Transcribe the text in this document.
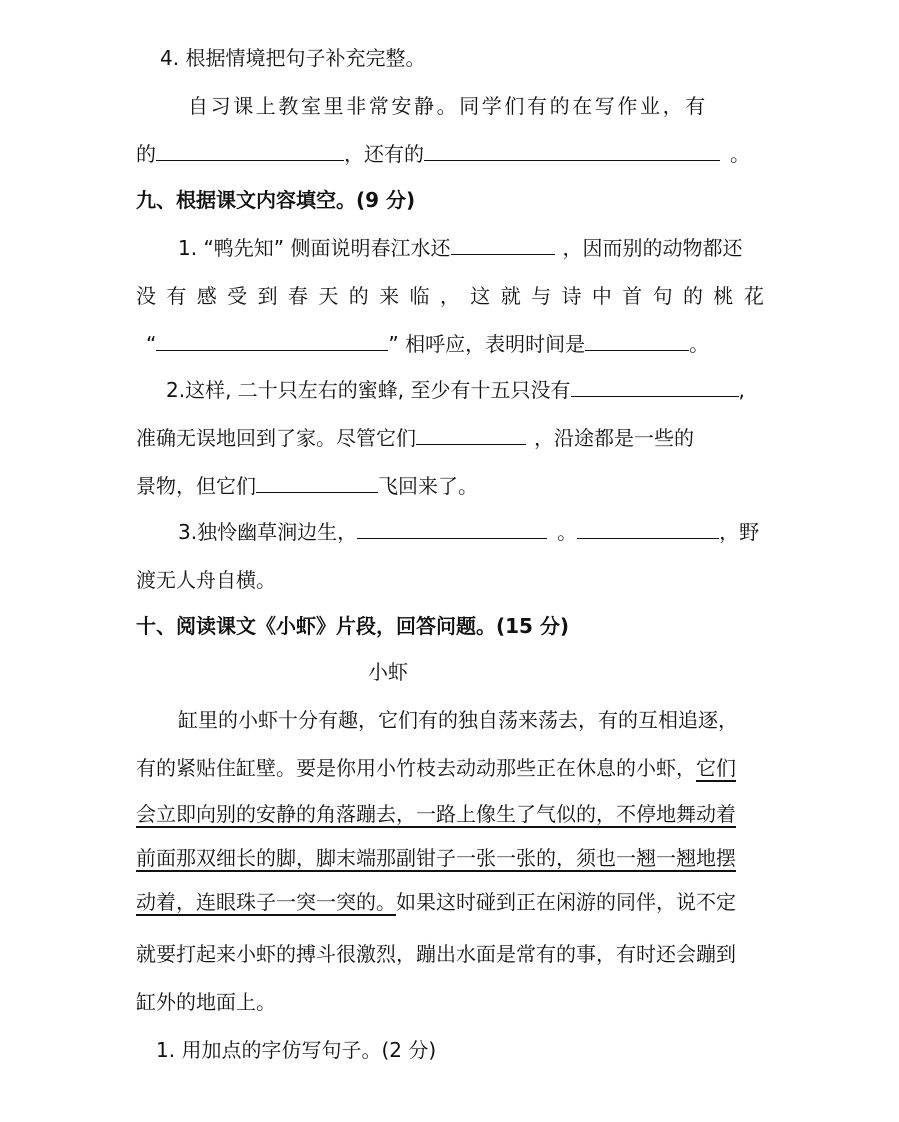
4. 根据情境把句子补充完整。
自习课上教室里非常安静。同学们有的在写作业，有
的	，还有的	。
九、根据课文内容填空。(9 分)
1. “鸭先知” 侧面说明春江水还	，因而别的动物都还
没 有 感 受 到 春 天 的 来 临 ， 这 就 与 诗 中 首 句 的 桃 花
“	” 相呼应，表明时间是	。
2.这样, 二十只左右的蜜蜂, 至少有十五只没有	,
准确无误地回到了家。尽管它们	，沿途都是一些的
景物，但它们	飞回来了。
3.独怜幽草涧边生，	。	，野
渡无人舟自横。
十、阅读课文《小虾》片段，回答问题。(15 分)
小虾
缸里的小虾十分有趣，它们有的独自荡来荡去，有的互相追逐，
有的紧贴住缸壁。要是你用小竹枝去动动那些正在休息的小虾，它们
会立即向别的安静的角落蹦去，一路上像生了气似的，不停地舞动着
前面那双细长的脚，脚末端那副钳子一张一张的，须也一翘一翘地摆
动着，连眼珠子一突一突的。如果这时碰到正在闲游的同伴，说不定
就要打起来小虾的搏斗很激烈，蹦出水面是常有的事，有时还会蹦到
缸外的地面上。
1. 用加点的字仿写句子。(2 分)
